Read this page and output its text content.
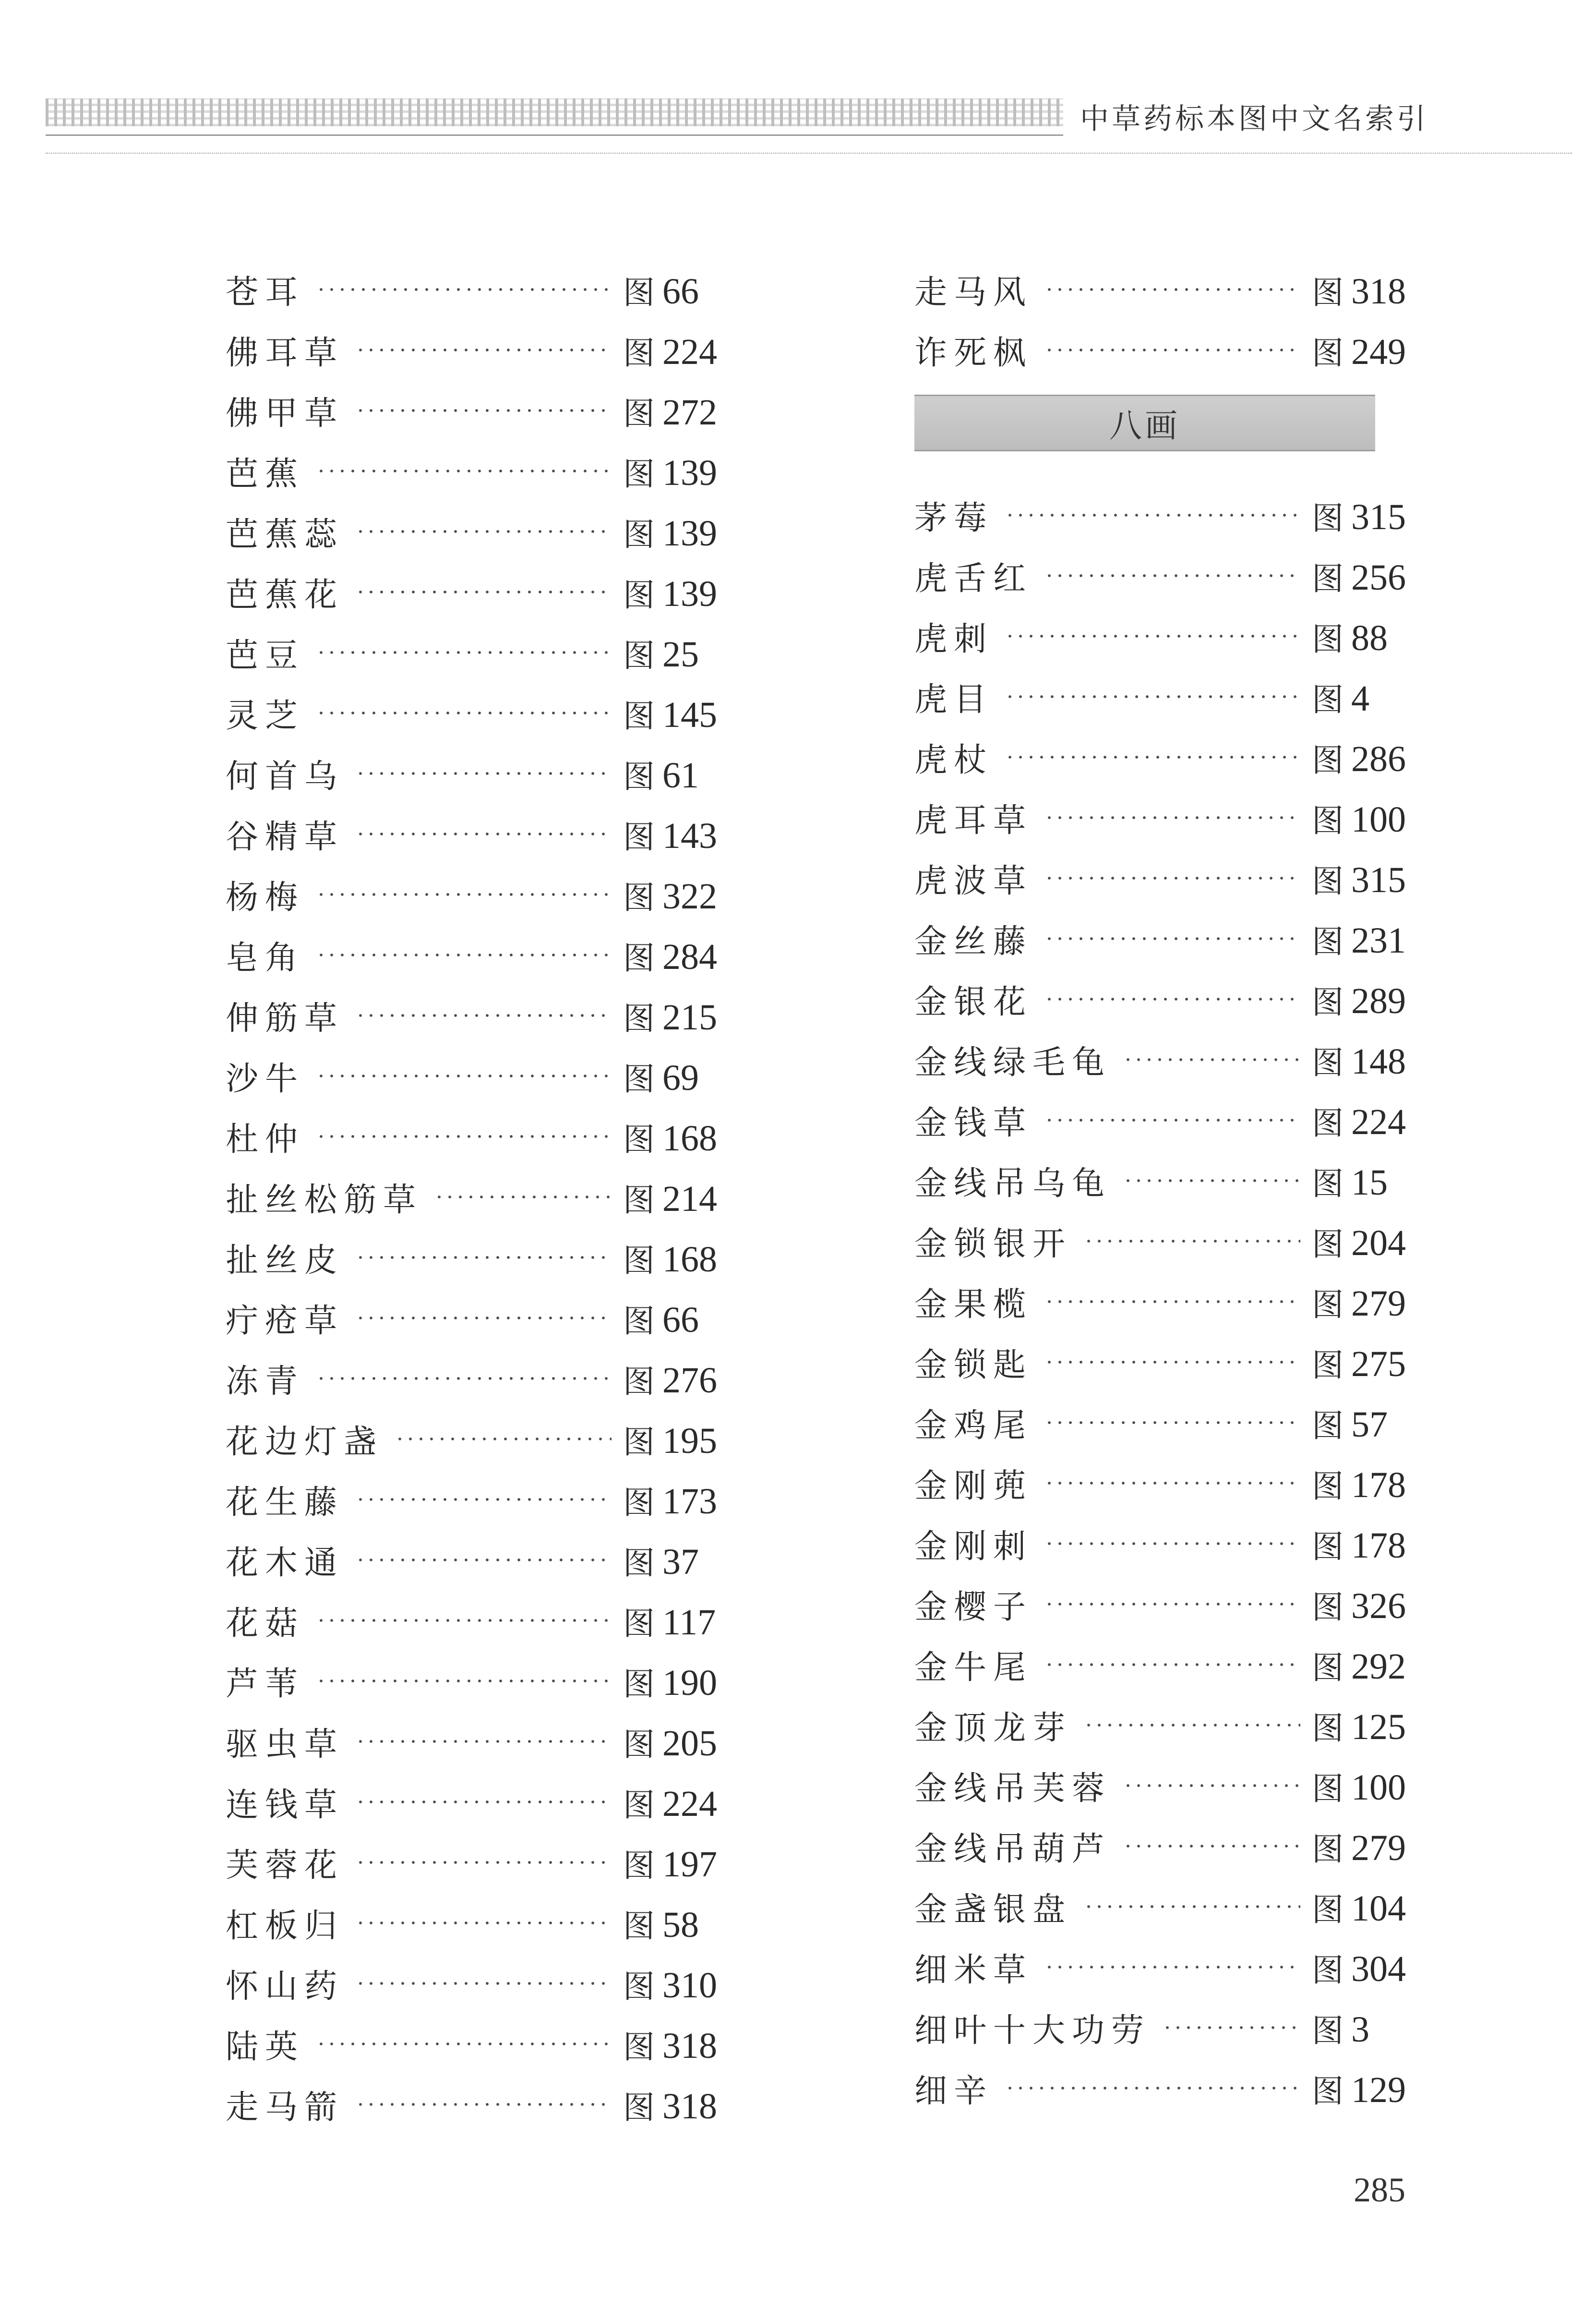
中草药标本图中文名索引
苍耳	图 66
佛耳草	图 224
佛甲草	图 272
芭蕉	图 139
芭蕉蕊	图 139
芭蕉花	图 139
芭豆	图 25
灵芝	图 145
何首乌	图 61
谷精草	图 143
杨梅	图 322
皂角	图 284
伸筋草	图 215
沙牛	图 69
杜仲	图 168
扯丝松筋草	图 214
扯丝皮	图 168
疔疮草	图 66
冻青	图 276
花边灯盏	图 195
花生藤	图 173
花木通	图 37
花菇	图 117
芦苇	图 190
驱虫草	图 205
连钱草	图 224
芙蓉花	图 197
杠板归	图 58
怀山药	图 310
陆英	图 318
走马箭	图 318
走马风	图 318
诈死枫	图 249
八画
茅莓	图 315
虎舌红	图 256
虎刺	图 88
虎目	图 4
虎杖	图 286
虎耳草	图 100
虎波草	图 315
金丝藤	图 231
金银花	图 289
金线绿毛龟	图 148
金钱草	图 224
金线吊乌龟	图 15
金锁银开	图 204
金果榄	图 279
金锁匙	图 275
金鸡尾	图 57
金刚蔸	图 178
金刚刺	图 178
金樱子	图 326
金牛尾	图 292
金顶龙芽	图 125
金线吊芙蓉	图 100
金线吊葫芦	图 279
金盏银盘	图 104
细米草	图 304
细叶十大功劳	图 3
细辛	图 129
285
